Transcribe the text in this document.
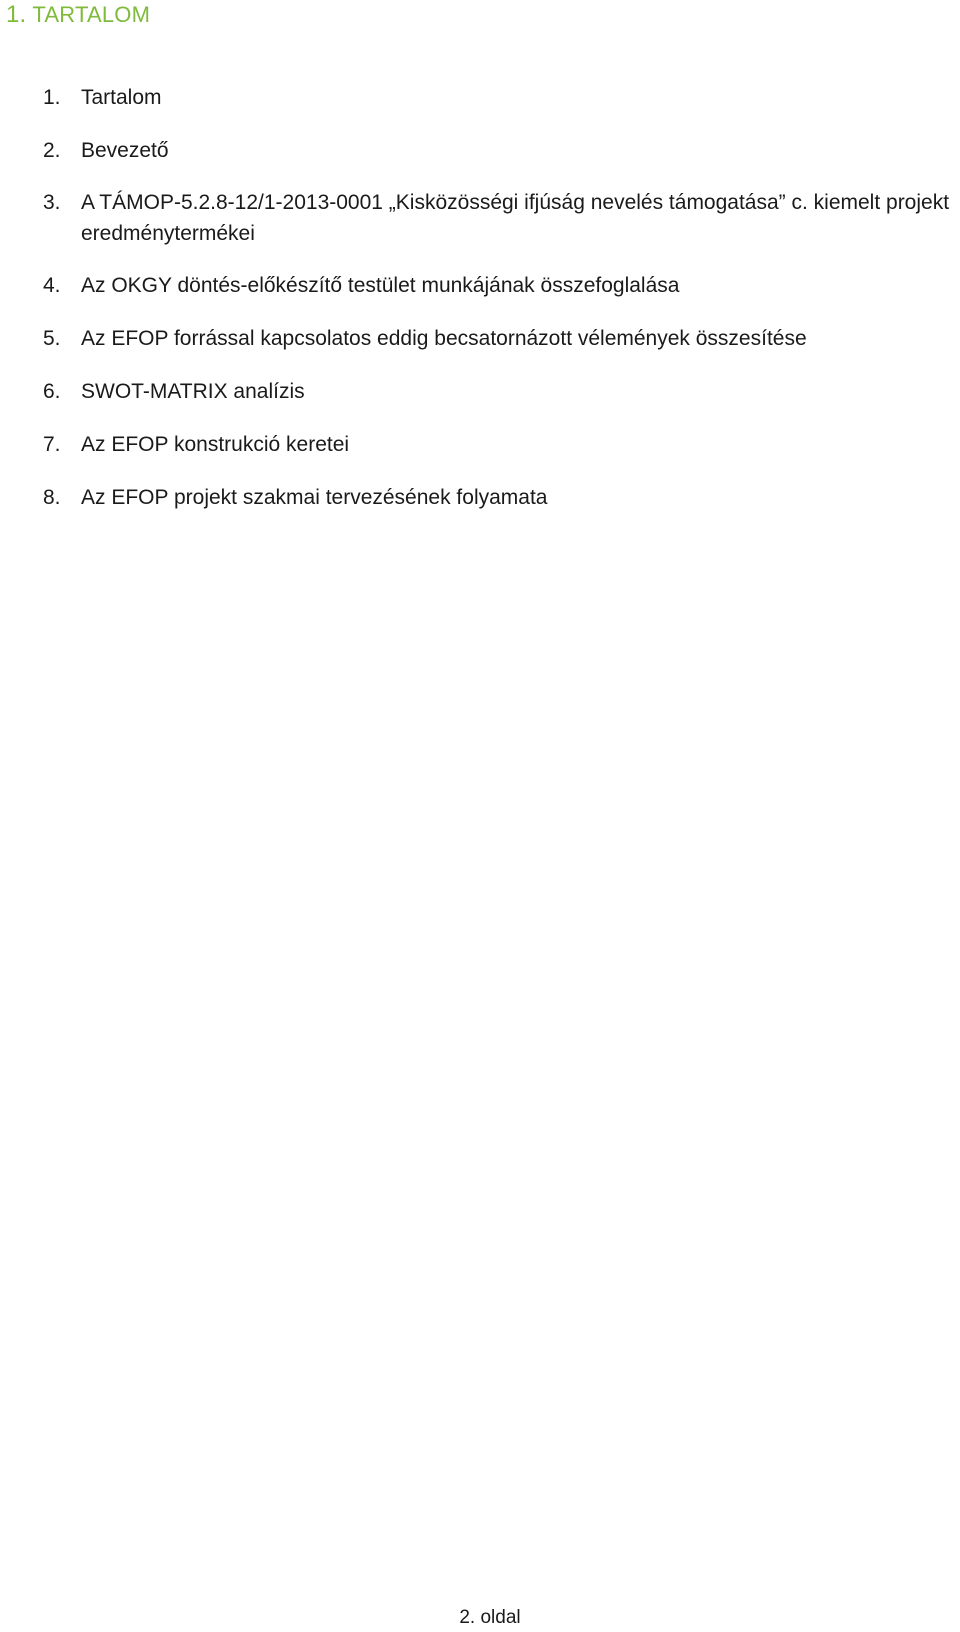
1. TARTALOM
1. Tartalom
2. Bevezető
3. A TÁMOP-5.2.8-12/1-2013-0001 „Kisközösségi ifjúság nevelés támogatása” c. kiemelt projekt eredménytermékei
4. Az OKGY döntés-előkészítő testület munkájának összefoglalása
5. Az EFOP forrással kapcsolatos eddig becsatornázott vélemények összesítése
6. SWOT-MATRIX analízis
7. Az EFOP konstrukció keretei
8. Az EFOP projekt szakmai tervezésének folyamata
2. oldal
